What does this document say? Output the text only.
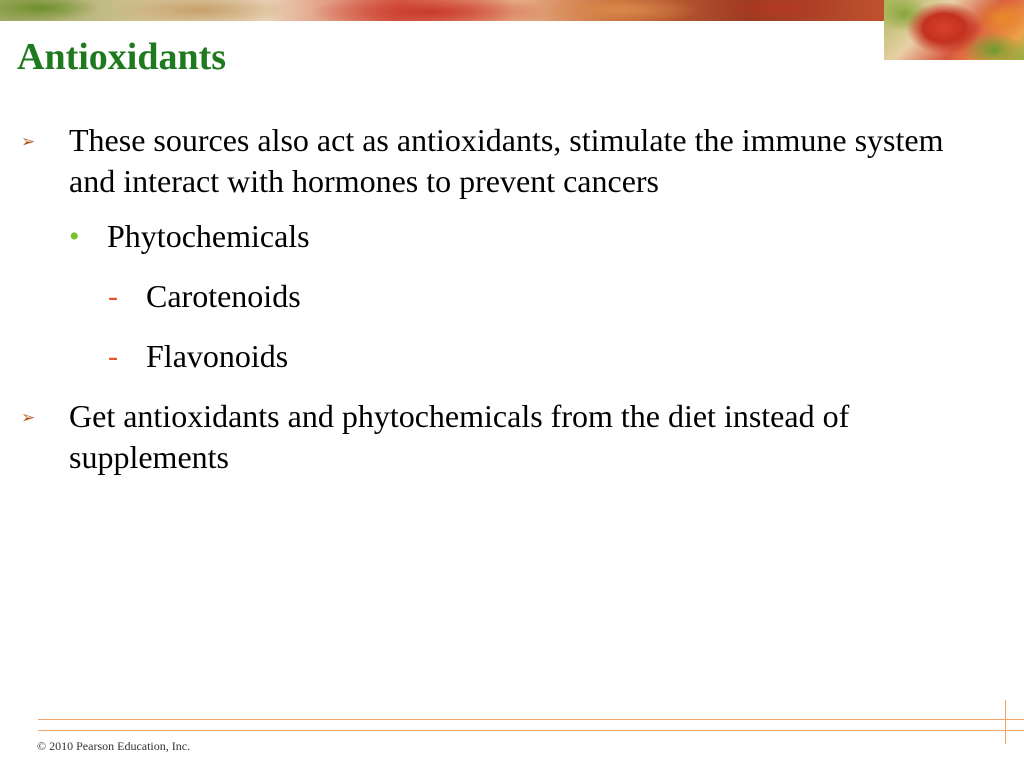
Antioxidants
➢ These sources also act as antioxidants, stimulate the immune system and interact with hormones to prevent cancers
• Phytochemicals
- Carotenoids
- Flavonoids
➢ Get antioxidants and phytochemicals from the diet instead of supplements
© 2010 Pearson Education, Inc.
